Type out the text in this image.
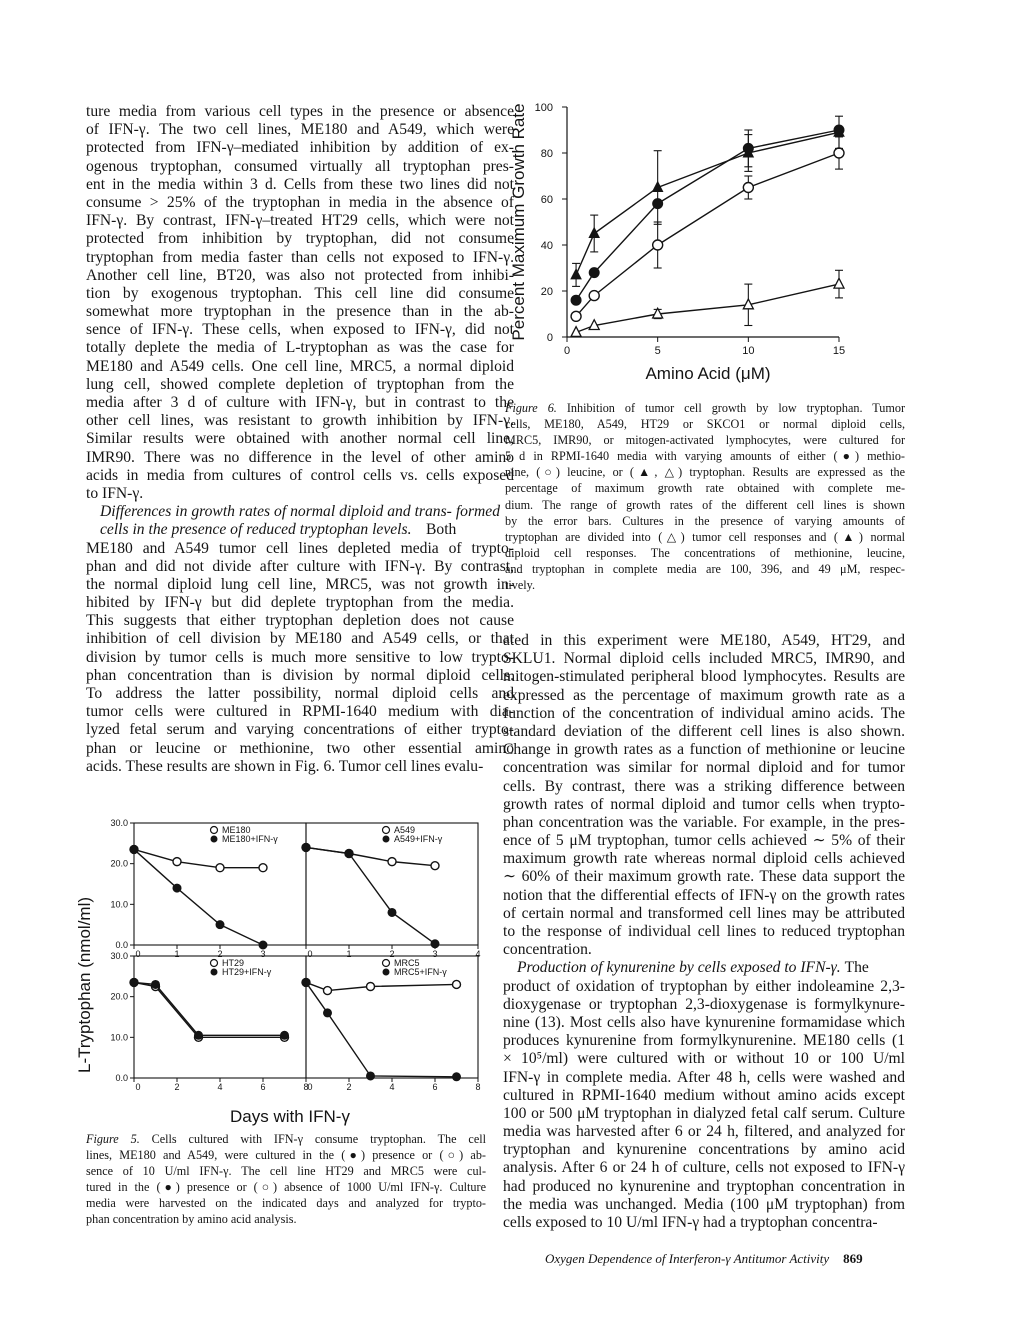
ture media from various cell types in the presence or absence
of IFN-γ. The two cell lines, ME180 and A549, which were
protected from IFN-γ–mediated inhibition by addition of ex-
ogenous tryptophan, consumed virtually all tryptophan pres-
ent in the media within 3 d. Cells from these two lines did not
consume > 25% of the tryptophan in media in the absence of
IFN-γ. By contrast, IFN-γ–treated HT29 cells, which were not
protected from inhibition by tryptophan, did not consume
tryptophan from media faster than cells not exposed to IFN-γ.
Another cell line, BT20, was also not protected from inhibi-
tion by exogenous tryptophan. This cell line did consume
somewhat more tryptophan in the presence than in the ab-
sence of IFN-γ. These cells, when exposed to IFN-γ, did not
totally deplete the media of L-tryptophan as was the case for
ME180 and A549 cells. One cell line, MRC5, a normal diploid
lung cell, showed complete depletion of tryptophan from the
media after 3 d of culture with IFN-γ, but in contrast to the
other cell lines, was resistant to growth inhibition by IFN-γ.
Similar results were obtained with another normal cell line,
IMR90. There was no difference in the level of other amino
acids in media from cultures of control cells vs. cells exposed
to IFN-γ.
Differences in growth rates of normal diploid and trans- formed cells in the presence of reduced tryptophan levels. Both
ME180 and A549 tumor cell lines depleted media of trypto-
phan and did not divide after culture with IFN-γ. By contrast,
the normal diploid lung cell line, MRC5, was not growth in-
hibited by IFN-γ but did deplete tryptophan from the media.
This suggests that either tryptophan depletion does not cause
inhibition of cell division by ME180 and A549 cells, or that
division by tumor cells is much more sensitive to low trypto-
phan concentration than is division by normal diploid cells.
To address the latter possibility, normal diploid cells and
tumor cells were cultured in RPMI-1640 medium with dia-
lyzed fetal serum and varying concentrations of either trypto-
phan or leucine or methionine, two other essential amino
acids. These results are shown in Fig. 6. Tumor cell lines evalu-
0
20
40
60
80
100
0	5	10	15
Amino Acid (μM)
Percent Maximum Growth Rate
Figure 6. Inhibition of tumor cell growth by low tryptophan. Tumor
cells, ME180, A549, HT29 or SKCO1 or normal diploid cells,
MRC5, IMR90, or mitogen-activated lymphocytes, were cultured for
5 d in RPMI-1640 media with varying amounts of either (●) methio-
nine, (○) leucine, or (▲, △) tryptophan. Results are expressed as the
percentage of maximum growth rate obtained with complete me-
dium. The range of growth rates of the different cell lines is shown
by the error bars. Cultures in the presence of varying amounts of
tryptophan are divided into (△) tumor cell responses and (▲) normal
diploid cell responses. The concentrations of methionine, leucine,
and tryptophan in complete media are 100, 396, and 49 μM, respec-
tively.
ated in this experiment were ME180, A549, HT29, and
SKLU1. Normal diploid cells included MRC5, IMR90, and
mitogen-stimulated peripheral blood lymphocytes. Results are
expressed as the percentage of maximum growth rate as a
function of the concentration of individual amino acids. The
standard deviation of the different cell lines is also shown.
Change in growth rates as a function of methionine or leucine
concentration was similar for normal diploid and for tumor
cells. By contrast, there was a striking difference between
growth rates of normal diploid and tumor cells when trypto-
phan concentration was the variable. For example, in the pres-
ence of 5 μM tryptophan, tumor cells achieved ∼ 5% of their
maximum growth rate whereas normal diploid cells achieved
∼ 60% of their maximum growth rate. These data support the
notion that the differential effects of IFN-γ on the growth rates
of certain normal and transformed cell lines may be attributed
to the response of individual cell lines to reduced tryptophan
concentration.
Production of kynurenine by cells exposed to IFN-γ. The
product of oxidation of tryptophan by either indoleamine 2,3-
dioxygenase or tryptophan 2,3-dioxygenase is formylkynure-
nine (13). Most cells also have kynurenine formamidase which
produces kynurenine from formylkynurenine. ME180 cells (1
× 10⁵/ml) were cultured with or without 10 or 100 U/ml
IFN-γ in complete media. After 48 h, cells were washed and
cultured in RPMI-1640 medium without amino acids except
100 or 500 μM tryptophan in dialyzed fetal calf serum. Culture
media was harvested after 6 or 24 h, filtered, and analyzed for
tryptophan and kynurenine concentrations by amino acid
analysis. After 6 or 24 h of culture, cells not exposed to IFN-γ
had produced no kynurenine and tryptophan concentration in
the media was unchanged. Media (100 μM tryptophan) from
cells exposed to 10 U/ml IFN-γ had a tryptophan concentra-
L-Tryptophan (nmol/ml)
Days with IFN-γ
0.0
10.0
20.0
30.0
0	1	2	3
ME180
ME180+IFN-γ
0	1	2	3	4
A549
A549+IFN-γ
0.0
10.0
20.0
30.0
0	2	4	6	8
HT29
HT29+IFN-γ
0	2	4	6	8
MRC5
MRC5+IFN-γ
Figure 5. Cells cultured with IFN-γ consume tryptophan. The cell
lines, ME180 and A549, were cultured in the (●) presence or (○) ab-
sence of 10 U/ml IFN-γ. The cell line HT29 and MRC5 were cul-
tured in the (●) presence or (○) absence of 1000 U/ml IFN-γ. Culture
media were harvested on the indicated days and analyzed for trypto-
phan concentration by amino acid analysis.
Oxygen Dependence of Interferon-γ Antitumor Activity 869
